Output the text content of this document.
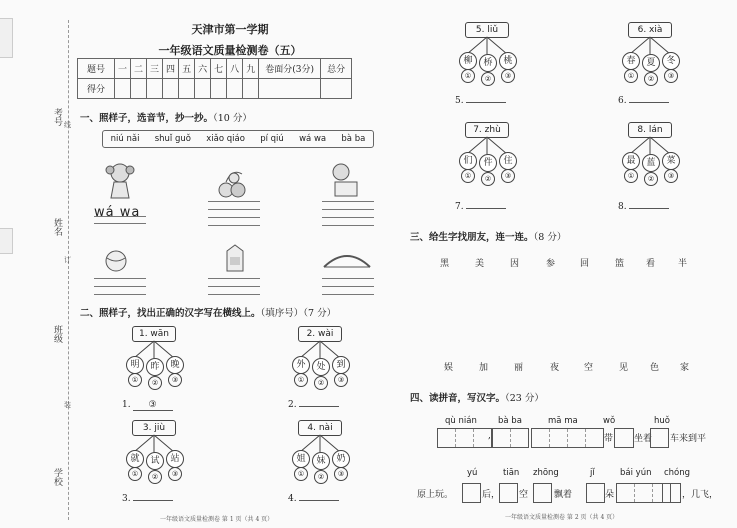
考号
姓名
班级
学校
线
订
装
天津市第一学期
一年级语文质量检测卷（五）
题号	一	二	三	四	五	六	七	八	九	卷面分(3分)	总分
得分											
一、照样子，选音节，抄一抄。（10 分）
niú nǎi shuǐ guǒ xiǎo qiáo pí qiú wá wa bà ba
wá wa
二、照样子，找出正确的汉字写在横线上。（填序号）（7 分）
1. wān
明	昨	晚
①	②	③
2. wài
外	处	到
①	②	③
1. ③	2.
3. jiù
就	试	站
①	②	③
4. nài
姐	妹	奶
①	②	③
3.	4.
一年级语文质量检测卷 第 1 页（共 4 页）
5. liǔ
柳	桥	桃
①	②	③
6. xià
春	夏	冬
①	②	③
5.	6.
7. zhù
们	件	住
①	②	③
8. lán
最	蓝	菜
①	②	③
7.	8.
三、给生字找朋友，连一连。（8 分）
黑	美	因	参	回	篮 看	半
娱	加	丽	夜	空	见 色 家
四、读拼音，写汉字。（23 分）
qù nián bà ba	mā ma	wǒ	huǒ
,	带 坐着 车来到平
yú	tiān zhōng	jǐ	bái yún chóng
原上玩。	后， 空	飘着	朵	，几飞，
一年级语文质量检测卷 第 2 页（共 4 页）
